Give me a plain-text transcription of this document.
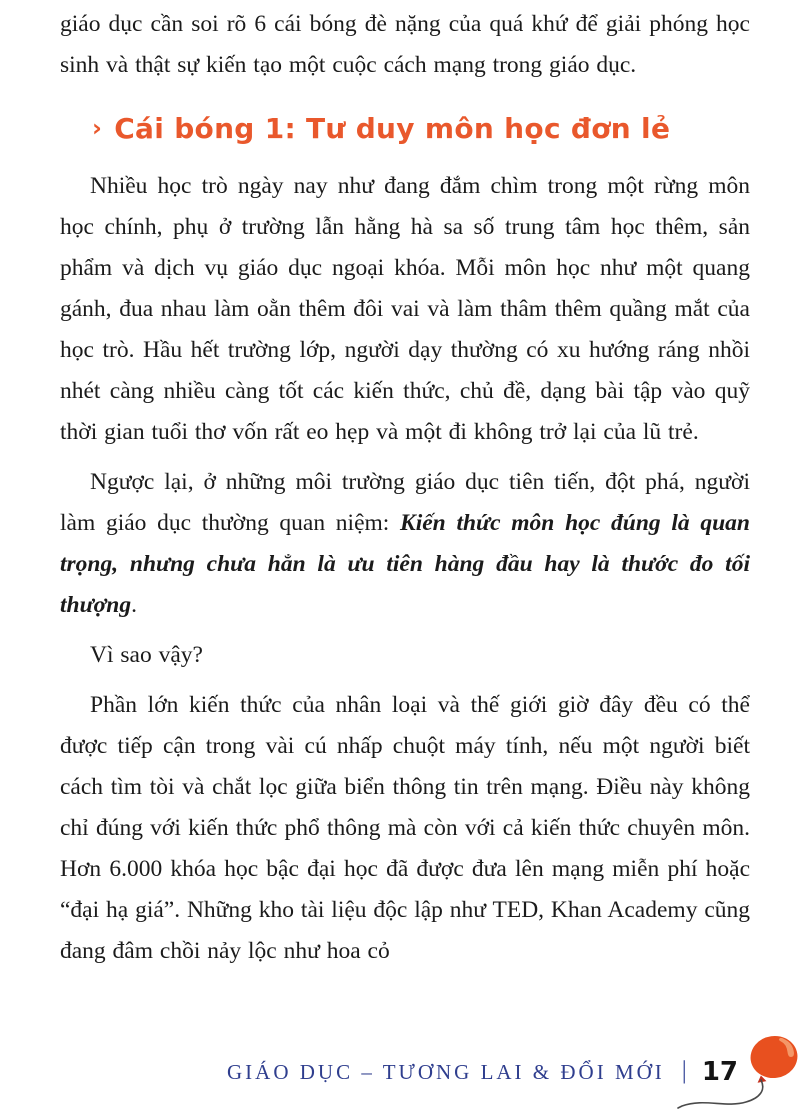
giáo dục cần soi rõ 6 cái bóng đè nặng của quá khứ để giải phóng học sinh và thật sự kiến tạo một cuộc cách mạng trong giáo dục.

› Cái bóng 1: Tư duy môn học đơn lẻ

Nhiều học trò ngày nay như đang đắm chìm trong một rừng môn học chính, phụ ở trường lẫn hằng hà sa số trung tâm học thêm, sản phẩm và dịch vụ giáo dục ngoại khóa. Mỗi môn học như một quang gánh, đua nhau làm oằn thêm đôi vai và làm thâm thêm quầng mắt của học trò. Hầu hết trường lớp, người dạy thường có xu hướng ráng nhồi nhét càng nhiều càng tốt các kiến thức, chủ đề, dạng bài tập vào quỹ thời gian tuổi thơ vốn rất eo hẹp và một đi không trở lại của lũ trẻ.

Ngược lại, ở những môi trường giáo dục tiên tiến, đột phá, người làm giáo dục thường quan niệm: Kiến thức môn học đúng là quan trọng, nhưng chưa hẳn là ưu tiên hàng đầu hay là thước đo tối thượng.

Vì sao vậy?

Phần lớn kiến thức của nhân loại và thế giới giờ đây đều có thể được tiếp cận trong vài cú nhấp chuột máy tính, nếu một người biết cách tìm tòi và chắt lọc giữa biển thông tin trên mạng. Điều này không chỉ đúng với kiến thức phổ thông mà còn với cả kiến thức chuyên môn. Hơn 6.000 khóa học bậc đại học đã được đưa lên mạng miễn phí hoặc “đại hạ giá”. Những kho tài liệu độc lập như TED, Khan Academy cũng đang đâm chồi nảy lộc như hoa cỏ

GIÁO DỤC – TƯƠNG LAI & ĐỔI MỚI | 17
